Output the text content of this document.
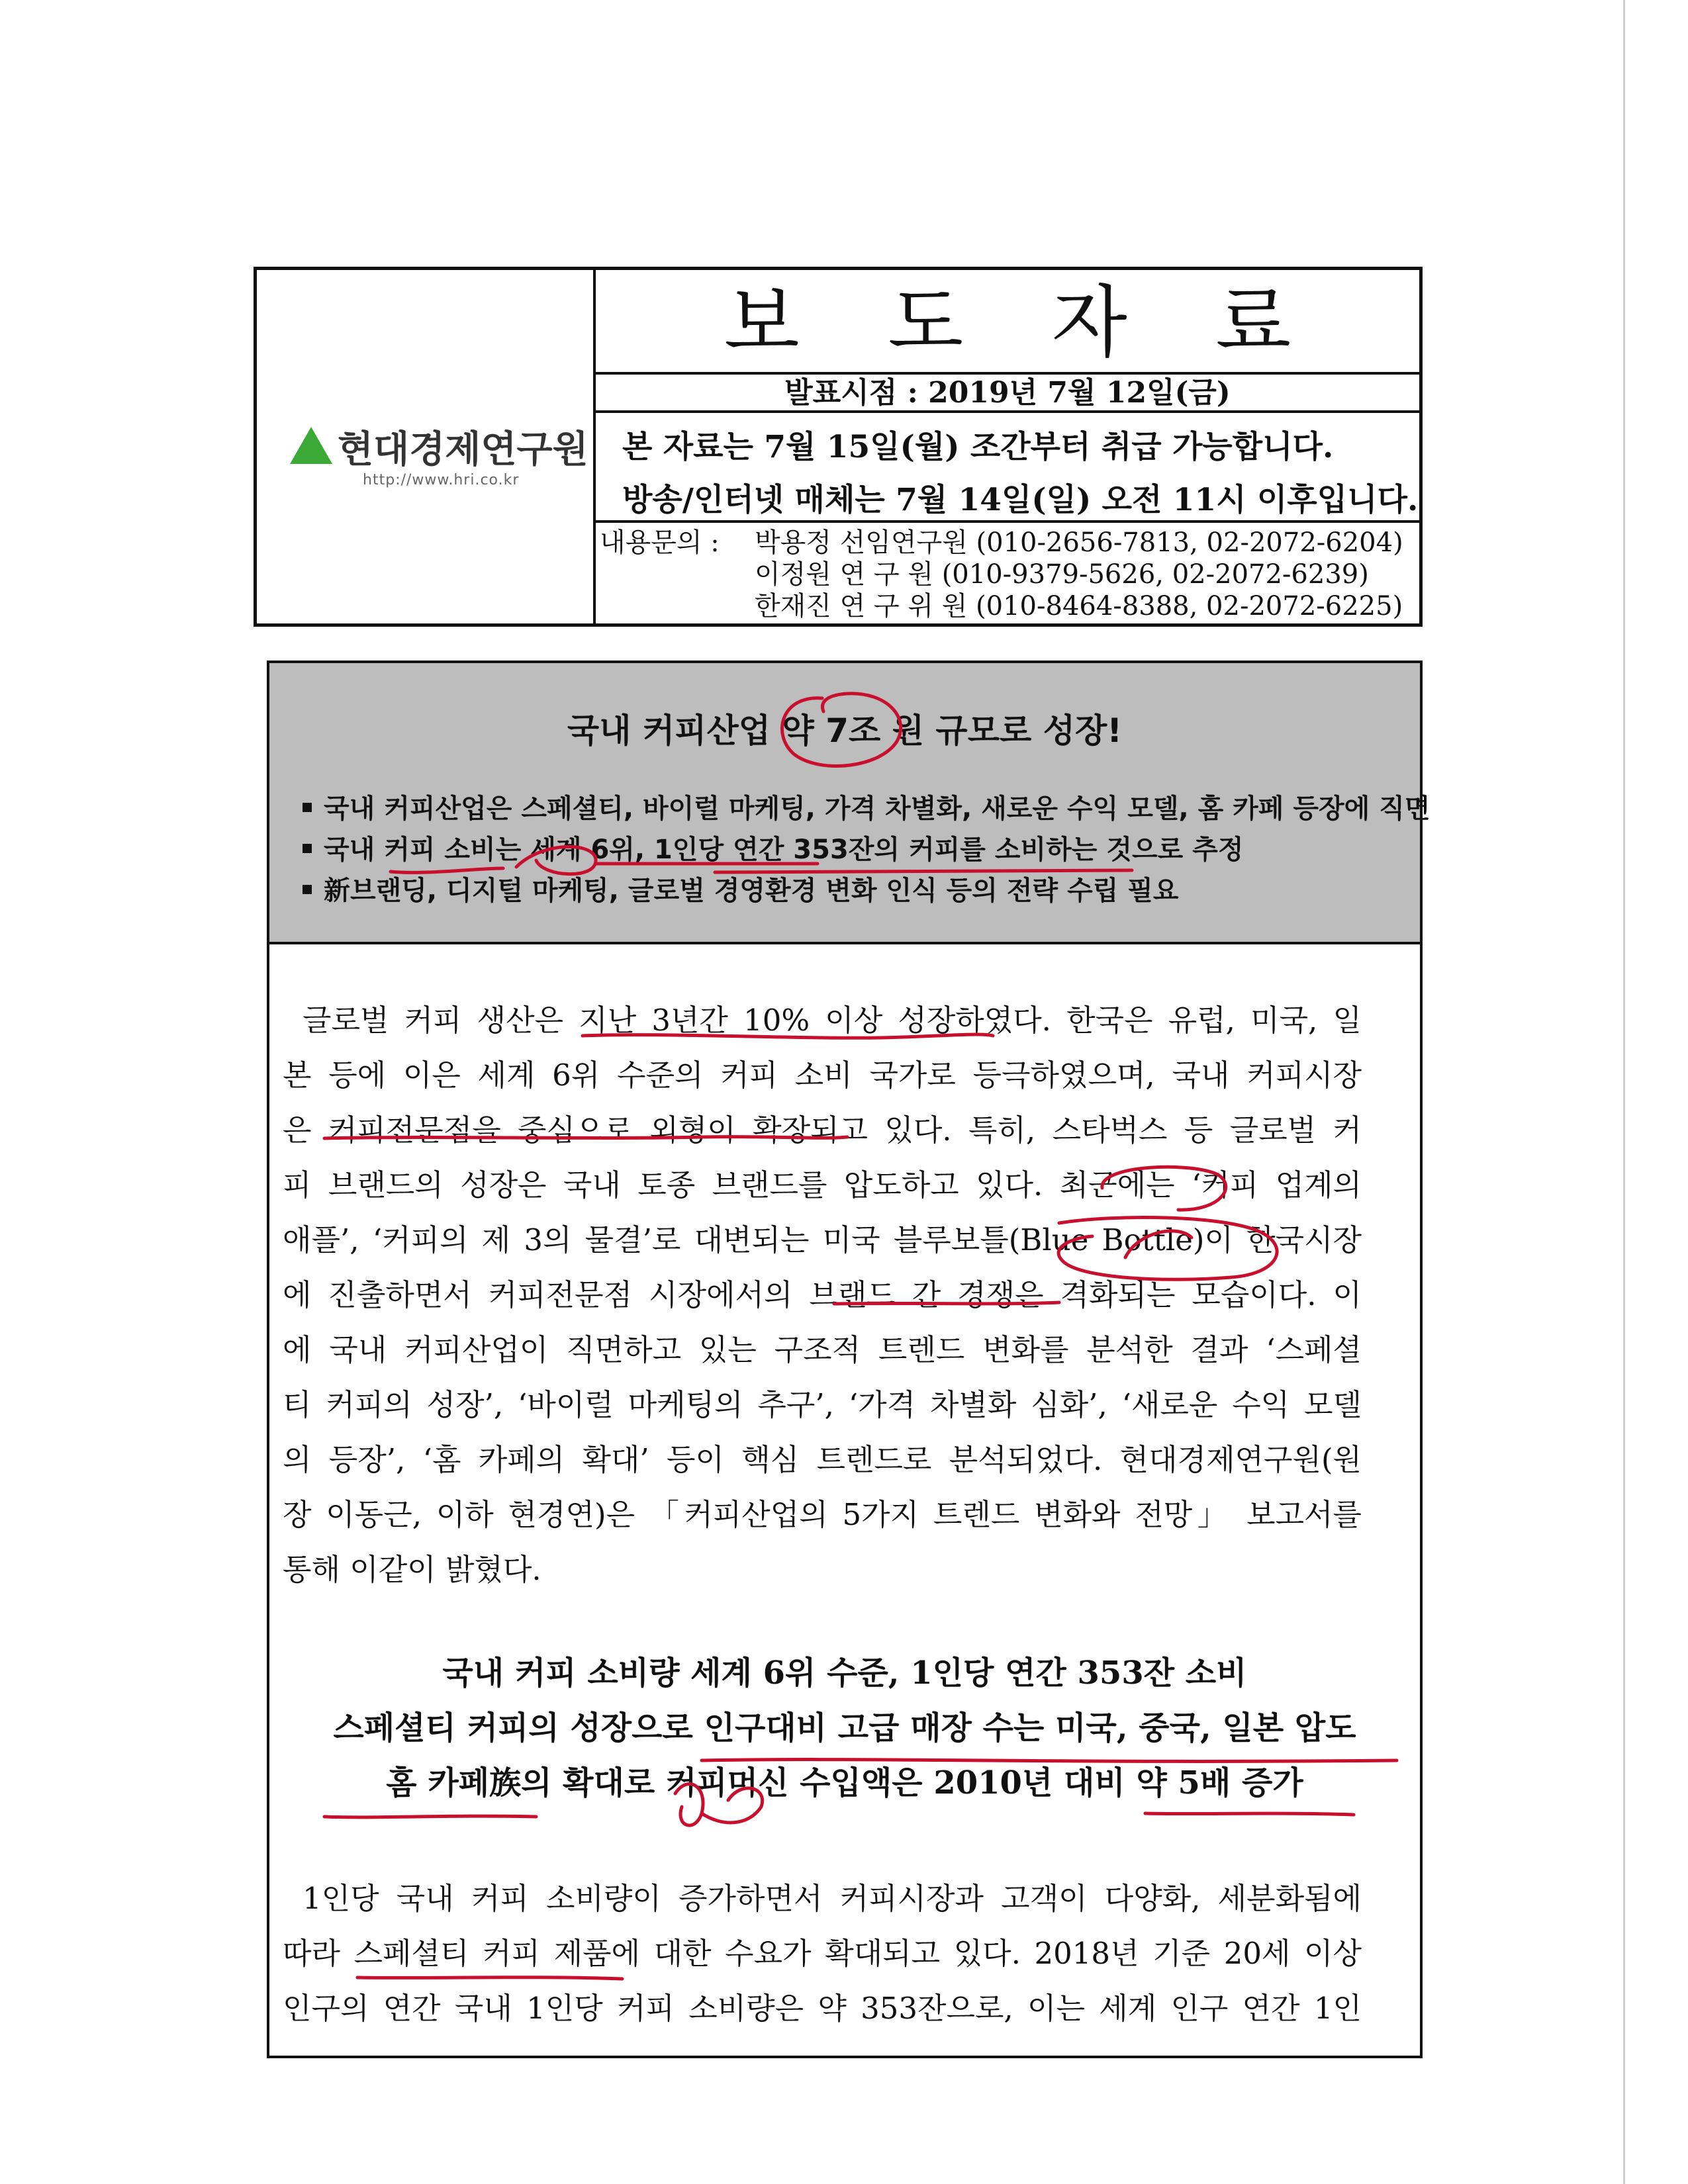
현대경제연구원
http://www.hri.co.kr
보 도 자 료
발표시점 : 2019년 7월 12일(금)
본 자료는 7월 15일(월) 조간부터 취급 가능합니다.
방송/인터넷 매체는 7월 14일(일) 오전 11시 이후입니다.
내용문의 : 박용정 선임연구원 (010-2656-7813, 02-2072-6204)
이정원 연 구 원 (010-9379-5626, 02-2072-6239)
한재진 연 구 위 원 (010-8464-8388, 02-2072-6225)
국내 커피산업 약 7조 원 규모로 성장!
국내 커피산업은 스페셜티, 바이럴 마케팅, 가격 차별화, 새로운 수익 모델, 홈 카페 등장에 직면
국내 커피 소비는 세계 6위, 1인당 연간 353잔의 커피를 소비하는 것으로 추정
新브랜딩, 디지털 마케팅, 글로벌 경영환경 변화 인식 등의 전략 수립 필요
글로벌 커피 생산은 지난 3년간 10% 이상 성장하였다. 한국은 유럽, 미국, 일
본 등에 이은 세계 6위 수준의 커피 소비 국가로 등극하였으며, 국내 커피시장
은 커피전문점을 중심으로 외형이 확장되고 있다. 특히, 스타벅스 등 글로벌 커
피 브랜드의 성장은 국내 토종 브랜드를 압도하고 있다. 최근에는 ‘커피 업계의
애플’, ‘커피의 제 3의 물결’로 대변되는 미국 블루보틀(Blue Bottle)이 한국시장
에 진출하면서 커피전문점 시장에서의 브랜드 간 경쟁은 격화되는 모습이다. 이
에 국내 커피산업이 직면하고 있는 구조적 트렌드 변화를 분석한 결과 ‘스페셜
티 커피의 성장’, ‘바이럴 마케팅의 추구’, ‘가격 차별화 심화’, ‘새로운 수익 모델
의 등장’, ‘홈 카페의 확대’ 등이 핵심 트렌드로 분석되었다. 현대경제연구원(원
장 이동근, 이하 현경연)은 「커피산업의 5가지 트렌드 변화와 전망」 보고서를
통해 이같이 밝혔다.
국내 커피 소비량 세계 6위 수준, 1인당 연간 353잔 소비
스페셜티 커피의 성장으로 인구대비 고급 매장 수는 미국, 중국, 일본 압도
홈 카페族의 확대로 커피머신 수입액은 2010년 대비 약 5배 증가
1인당 국내 커피 소비량이 증가하면서 커피시장과 고객이 다양화, 세분화됨에
따라 스페셜티 커피 제품에 대한 수요가 확대되고 있다. 2018년 기준 20세 이상
인구의 연간 국내 1인당 커피 소비량은 약 353잔으로, 이는 세계 인구 연간 1인
